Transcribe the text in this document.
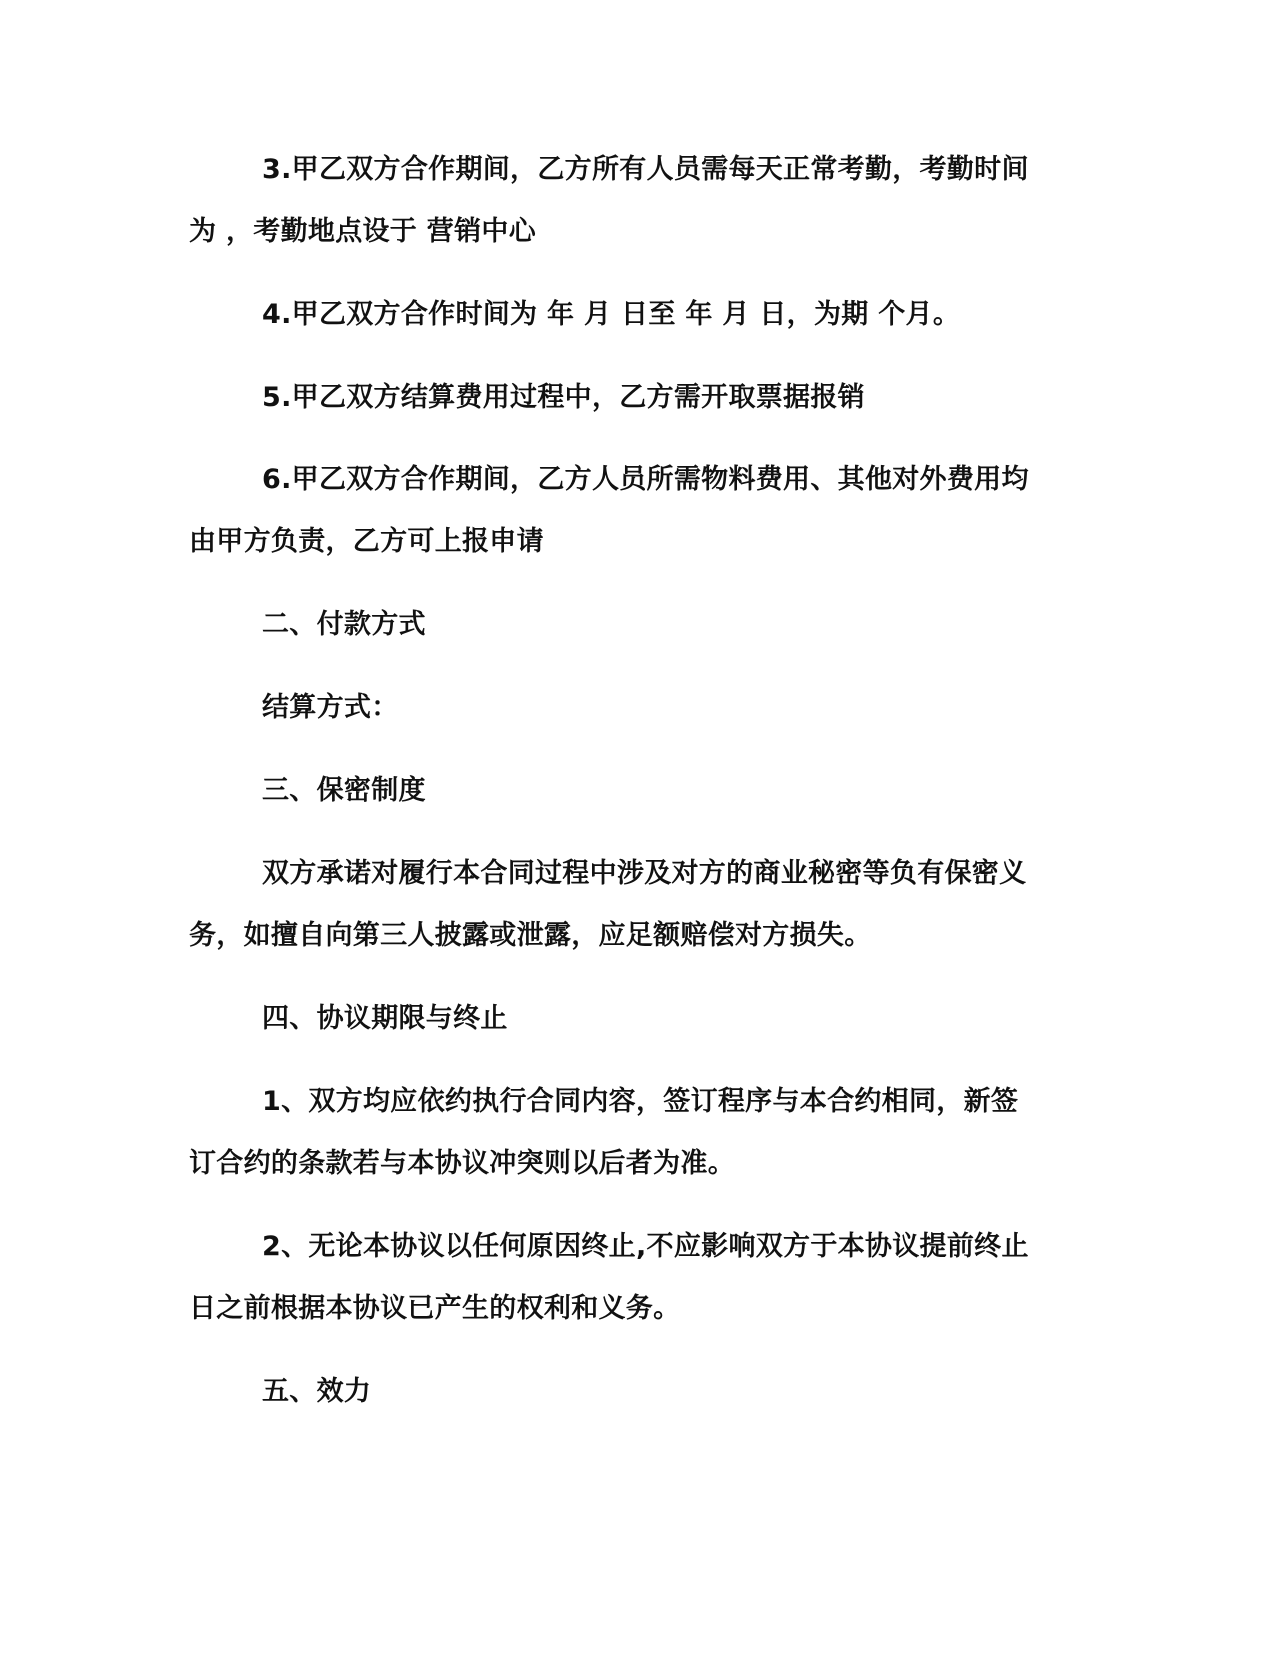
3.甲乙双方合作期间，乙方所有人员需每天正常考勤，考勤时间
为 ，考勤地点设于 营销中心
4.甲乙双方合作时间为 年 月 日至 年 月 日，为期 个月。
5.甲乙双方结算费用过程中，乙方需开取票据报销
6.甲乙双方合作期间，乙方人员所需物料费用、其他对外费用均
由甲方负责，乙方可上报申请
二、付款方式
结算方式：
三、保密制度
双方承诺对履行本合同过程中涉及对方的商业秘密等负有保密义
务，如擅自向第三人披露或泄露，应足额赔偿对方损失。
四、协议期限与终止
1、双方均应依约执行合同内容，签订程序与本合约相同，新签
订合约的条款若与本协议冲突则以后者为准。
2、无论本协议以任何原因终止,不应影响双方于本协议提前终止
日之前根据本协议已产生的权利和义务。
五、效力
